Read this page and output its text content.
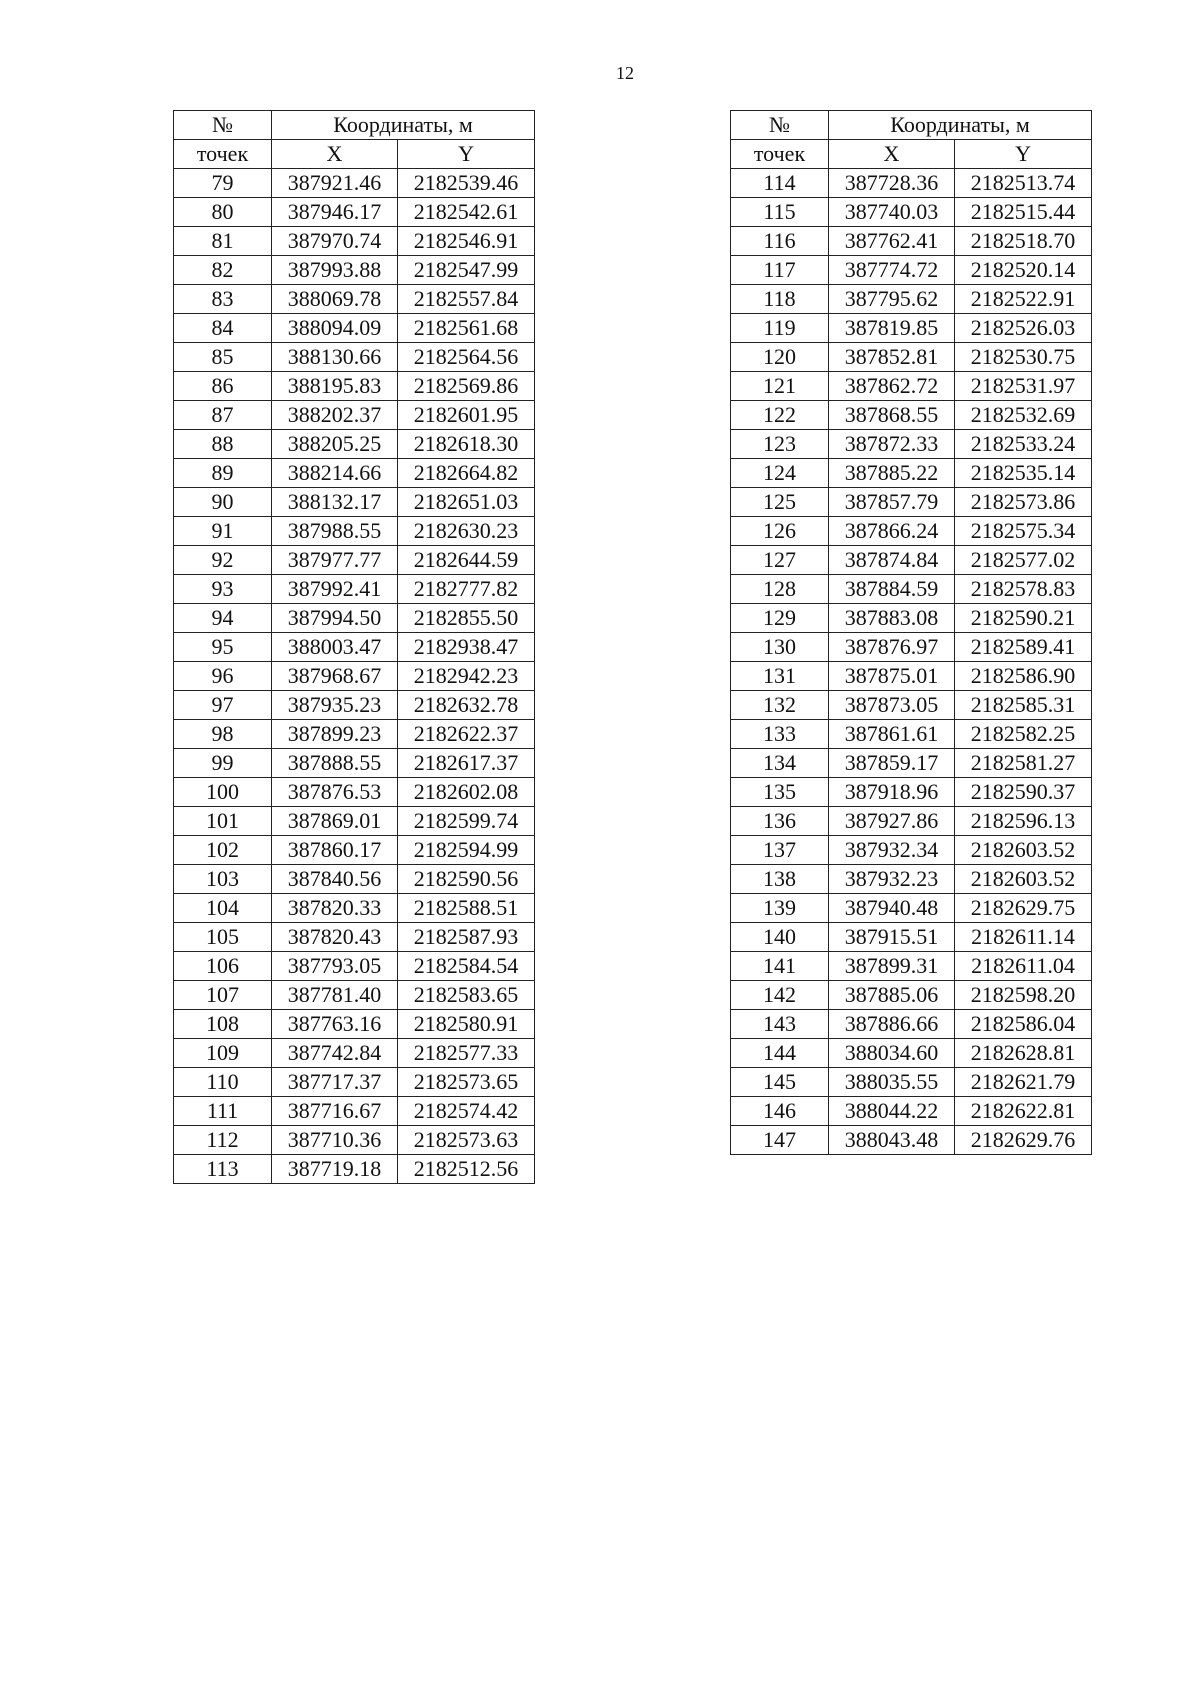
12
№	Координаты, м	
точек	X	Y
79	387921.46	2182539.46
80	387946.17	2182542.61
81	387970.74	2182546.91
82	387993.88	2182547.99
83	388069.78	2182557.84
84	388094.09	2182561.68
85	388130.66	2182564.56
86	388195.83	2182569.86
87	388202.37	2182601.95
88	388205.25	2182618.30
89	388214.66	2182664.82
90	388132.17	2182651.03
91	387988.55	2182630.23
92	387977.77	2182644.59
93	387992.41	2182777.82
94	387994.50	2182855.50
95	388003.47	2182938.47
96	387968.67	2182942.23
97	387935.23	2182632.78
98	387899.23	2182622.37
99	387888.55	2182617.37
100	387876.53	2182602.08
101	387869.01	2182599.74
102	387860.17	2182594.99
103	387840.56	2182590.56
104	387820.33	2182588.51
105	387820.43	2182587.93
106	387793.05	2182584.54
107	387781.40	2182583.65
108	387763.16	2182580.91
109	387742.84	2182577.33
110	387717.37	2182573.65
111	387716.67	2182574.42
112	387710.36	2182573.63
113	387719.18	2182512.56
№	Координаты, м	
точек	X	Y
114	387728.36	2182513.74
115	387740.03	2182515.44
116	387762.41	2182518.70
117	387774.72	2182520.14
118	387795.62	2182522.91
119	387819.85	2182526.03
120	387852.81	2182530.75
121	387862.72	2182531.97
122	387868.55	2182532.69
123	387872.33	2182533.24
124	387885.22	2182535.14
125	387857.79	2182573.86
126	387866.24	2182575.34
127	387874.84	2182577.02
128	387884.59	2182578.83
129	387883.08	2182590.21
130	387876.97	2182589.41
131	387875.01	2182586.90
132	387873.05	2182585.31
133	387861.61	2182582.25
134	387859.17	2182581.27
135	387918.96	2182590.37
136	387927.86	2182596.13
137	387932.34	2182603.52
138	387932.23	2182603.52
139	387940.48	2182629.75
140	387915.51	2182611.14
141	387899.31	2182611.04
142	387885.06	2182598.20
143	387886.66	2182586.04
144	388034.60	2182628.81
145	388035.55	2182621.79
146	388044.22	2182622.81
147	388043.48	2182629.76
